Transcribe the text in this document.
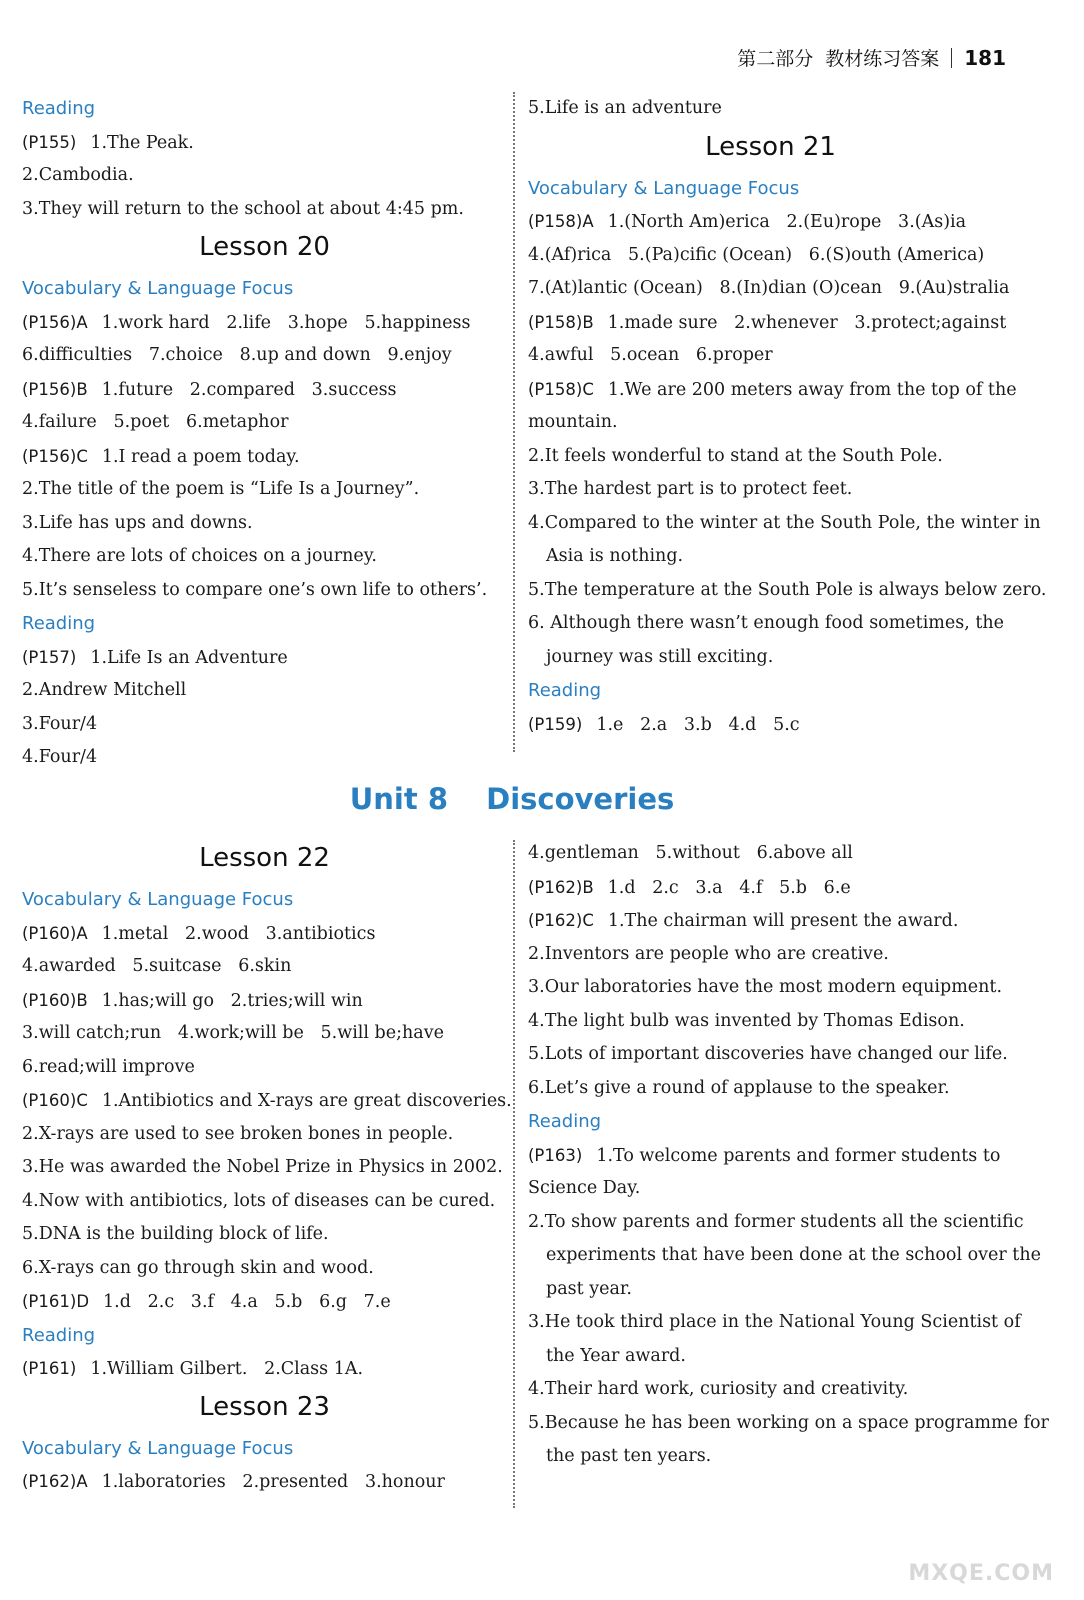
第二部分 教材练习答案 181
Reading
(P155) 1.The Peak.
2.Cambodia.
3.They will return to the school at about 4:45 pm.
Lesson 20
Vocabulary & Language Focus
(P156)A 1.work hard   2.life   3.hope   5.happiness
6.difficulties   7.choice   8.up and down   9.enjoy
(P156)B 1.future   2.compared   3.success
4.failure   5.poet   6.metaphor
(P156)C 1.I read a poem today.
2.The title of the poem is “Life Is a Journey”.
3.Life has ups and downs.
4.There are lots of choices on a journey.
5.It’s senseless to compare one’s own life to others’.
Reading
(P157) 1.Life Is an Adventure
2.Andrew Mitchell
3.Four/4
4.Four/4
5.Life is an adventure
Lesson 21
Vocabulary & Language Focus
(P158)A 1.(North Am)erica   2.(Eu)rope   3.(As)ia
4.(Af)rica   5.(Pa)cific (Ocean)   6.(S)outh (America)
7.(At)lantic (Ocean)   8.(In)dian (O)cean   9.(Au)stralia
(P158)B 1.made sure   2.whenever   3.protect;against
4.awful   5.ocean   6.proper
(P158)C 1.We are 200 meters away from the top of the
mountain.
2.It feels wonderful to stand at the South Pole.
3.The hardest part is to protect feet.
4.Compared to the winter at the South Pole, the winter in
Asia is nothing.
5.The temperature at the South Pole is always below zero.
6. Although there wasn’t enough food sometimes, the
journey was still exciting.
Reading
(P159) 1.e   2.a   3.b   4.d   5.c
Unit 8 Discoveries
Lesson 22
Vocabulary & Language Focus
(P160)A 1.metal   2.wood   3.antibiotics
4.awarded   5.suitcase   6.skin
(P160)B 1.has;will go   2.tries;will win
3.will catch;run   4.work;will be   5.will be;have
6.read;will improve
(P160)C 1.Antibiotics and X-rays are great discoveries.
2.X-rays are used to see broken bones in people.
3.He was awarded the Nobel Prize in Physics in 2002.
4.Now with antibiotics, lots of diseases can be cured.
5.DNA is the building block of life.
6.X-rays can go through skin and wood.
(P161)D 1.d   2.c   3.f   4.a   5.b   6.g   7.e
Reading
(P161) 1.William Gilbert.   2.Class 1A.
Lesson 23
Vocabulary & Language Focus
(P162)A 1.laboratories   2.presented   3.honour
4.gentleman   5.without   6.above all
(P162)B 1.d   2.c   3.a   4.f   5.b   6.e
(P162)C 1.The chairman will present the award.
2.Inventors are people who are creative.
3.Our laboratories have the most modern equipment.
4.The light bulb was invented by Thomas Edison.
5.Lots of important discoveries have changed our life.
6.Let’s give a round of applause to the speaker.
Reading
(P163) 1.To welcome parents and former students to
Science Day.
2.To show parents and former students all the scientific
experiments that have been done at the school over the
past year.
3.He took third place in the National Young Scientist of
the Year award.
4.Their hard work, curiosity and creativity.
5.Because he has been working on a space programme for
the past ten years.
MXQE.COM
